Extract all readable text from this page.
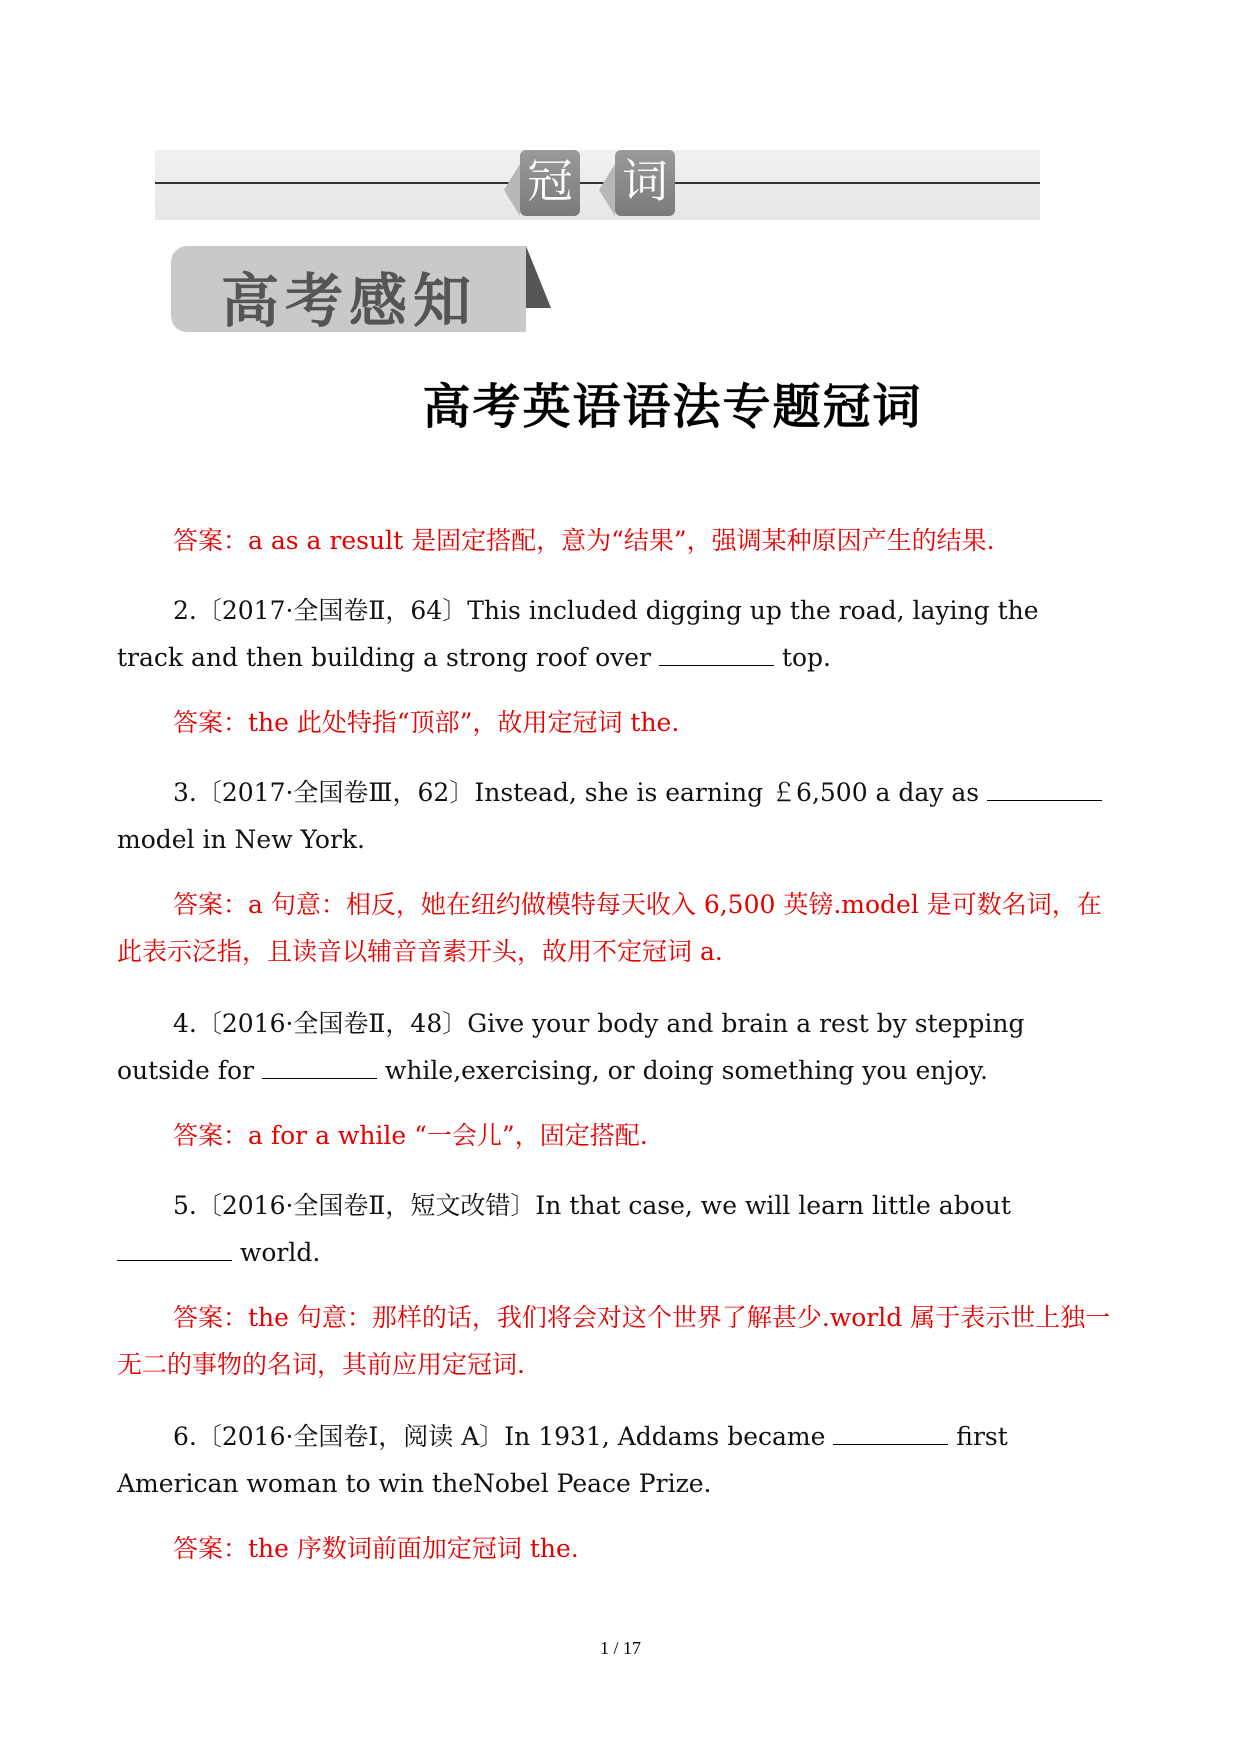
冠 词
高考感知
高考英语语法专题冠词
答案：a as a result 是固定搭配，意为“结果”，强调某种原因产生的结果.
2.〔2017·全国卷Ⅱ，64〕This included digging up the road, laying the track and then building a strong roof over	top.
答案：the 此处特指“顶部”，故用定冠词 the.
3.〔2017·全国卷Ⅲ，62〕Instead, she is earning ￡6,500 a day as  model in New York.
答案：a 句意：相反，她在纽约做模特每天收入 6,500 英镑.model 是可数名词，在此表示泛指，且读音以辅音音素开头，故用不定冠词 a.
4.〔2016·全国卷Ⅱ，48〕Give your body and brain a rest by stepping outside for	while,exercising, or doing something you enjoy.
答案：a for a while “一会儿”，固定搭配.
5.〔2016·全国卷Ⅱ，短文改错〕In that case, we will learn little about  world.
答案：the 句意：那样的话，我们将会对这个世界了解甚少.world 属于表示世上独一无二的事物的名词，其前应用定冠词.
6.〔2016·全国卷Ⅰ，阅读 A〕In 1931, Addams became	first American woman to win theNobel Peace Prize.
答案：the 序数词前面加定冠词 the.
1 / 17
